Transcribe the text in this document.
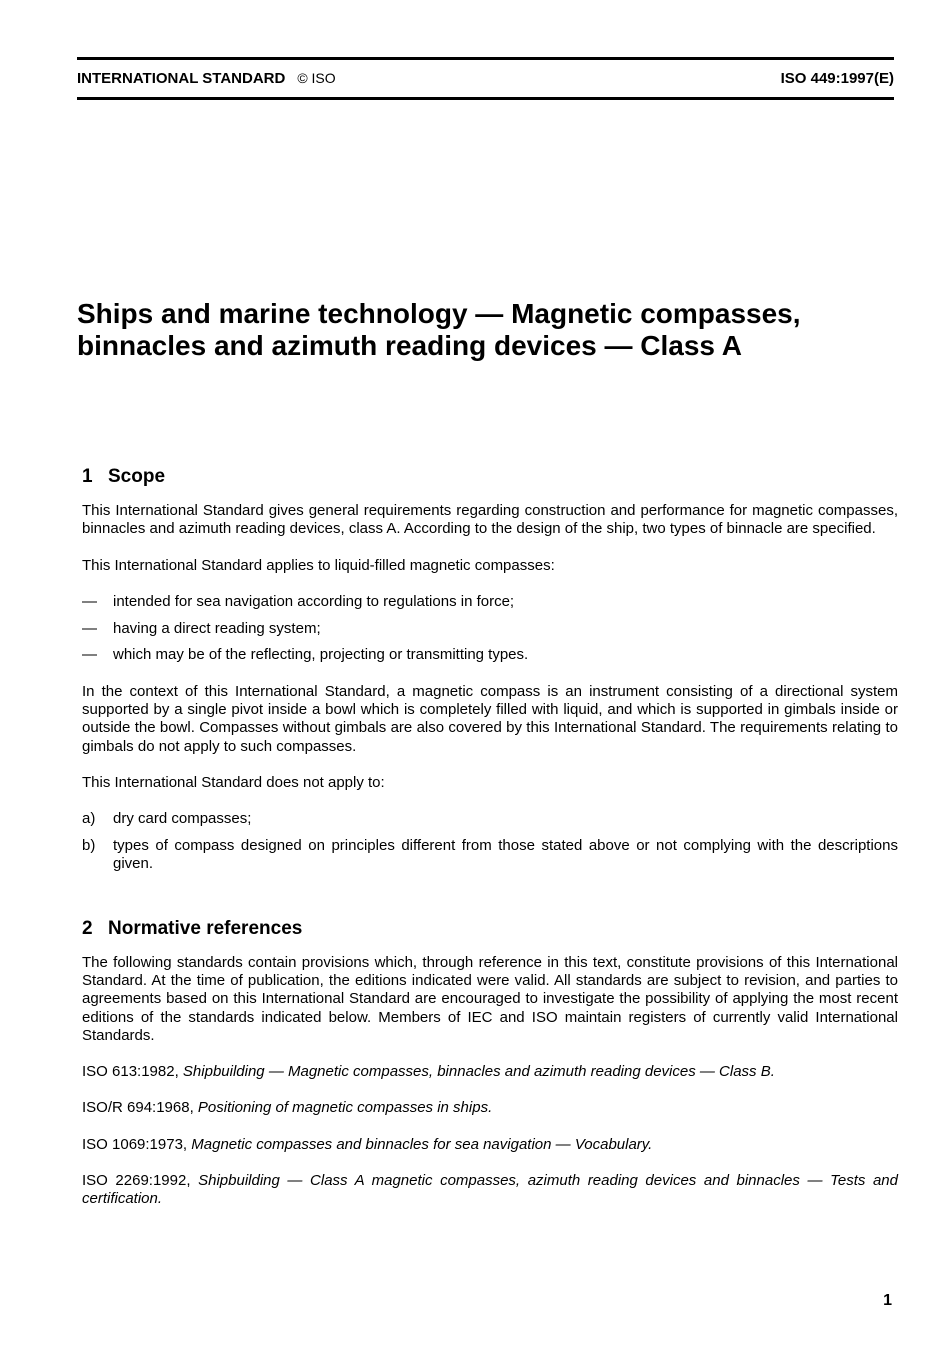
INTERNATIONAL STANDARD © ISO	ISO 449:1997(E)
Ships and marine technology — Magnetic compasses,
binnacles and azimuth reading devices — Class A
1 Scope

This International Standard gives general requirements regarding construction and performance for magnetic compasses, binnacles and azimuth reading devices, class A. According to the design of the ship, two types of binnacle are specified.

This International Standard applies to liquid-filled magnetic compasses:

— intended for sea navigation according to regulations in force;
— having a direct reading system;
— which may be of the reflecting, projecting or transmitting types.

In the context of this International Standard, a magnetic compass is an instrument consisting of a directional system supported by a single pivot inside a bowl which is completely filled with liquid, and which is supported in gimbals inside or outside the bowl. Compasses without gimbals are also covered by this International Standard. The requirements relating to gimbals do not apply to such compasses.

This International Standard does not apply to:

a) dry card compasses;
b) types of compass designed on principles different from those stated above or not complying with the descriptions given.
2 Normative references

The following standards contain provisions which, through reference in this text, constitute provisions of this International Standard. At the time of publication, the editions indicated were valid. All standards are subject to revision, and parties to agreements based on this International Standard are encouraged to investigate the possibility of applying the most recent editions of the standards indicated below. Members of IEC and ISO maintain registers of currently valid International Standards.

ISO 613:1982, Shipbuilding — Magnetic compasses, binnacles and azimuth reading devices — Class B.

ISO/R 694:1968, Positioning of magnetic compasses in ships.

ISO 1069:1973, Magnetic compasses and binnacles for sea navigation — Vocabulary.

ISO 2269:1992, Shipbuilding — Class A magnetic compasses, azimuth reading devices and binnacles — Tests and certification.

1
